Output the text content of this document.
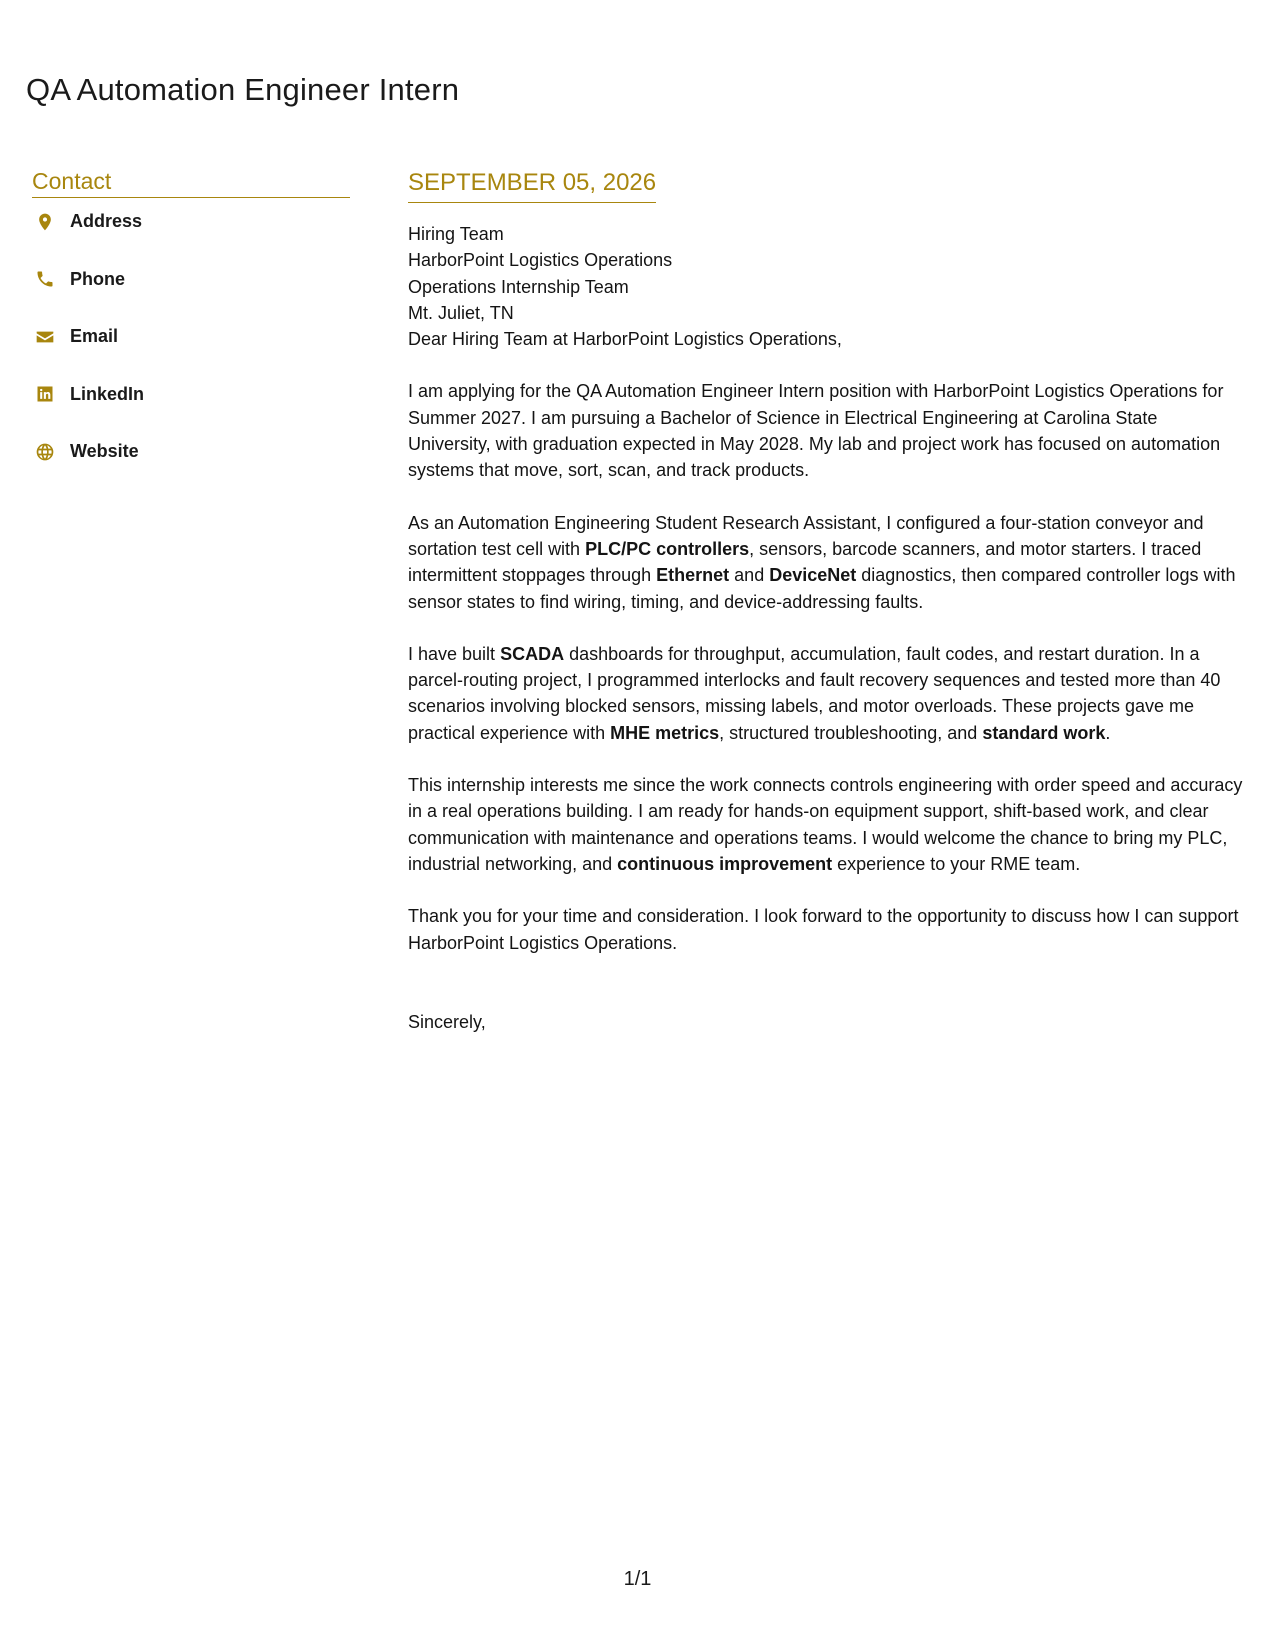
QA Automation Engineer Intern
Contact
Address
Phone
Email
LinkedIn
Website
SEPTEMBER 05, 2026
Hiring Team
HarborPoint Logistics Operations
Operations Internship Team
Mt. Juliet, TN

Dear Hiring Team at HarborPoint Logistics Operations,

I am applying for the QA Automation Engineer Intern position with HarborPoint Logistics Operations for Summer 2027. I am pursuing a Bachelor of Science in Electrical Engineering at Carolina State University, with graduation expected in May 2028. My lab and project work has focused on automation systems that move, sort, scan, and track products.

As an Automation Engineering Student Research Assistant, I configured a four-station conveyor and sortation test cell with PLC/PC controllers, sensors, barcode scanners, and motor starters. I traced intermittent stoppages through Ethernet and DeviceNet diagnostics, then compared controller logs with sensor states to find wiring, timing, and device-addressing faults.

I have built SCADA dashboards for throughput, accumulation, fault codes, and restart duration. In a parcel-routing project, I programmed interlocks and fault recovery sequences and tested more than 40 scenarios involving blocked sensors, missing labels, and motor overloads. These projects gave me practical experience with MHE metrics, structured troubleshooting, and standard work.

This internship interests me since the work connects controls engineering with order speed and accuracy in a real operations building. I am ready for hands-on equipment support, shift-based work, and clear communication with maintenance and operations teams. I would welcome the chance to bring my PLC, industrial networking, and continuous improvement experience to your RME team.

Thank you for your time and consideration. I look forward to the opportunity to discuss how I can support HarborPoint Logistics Operations.

Sincerely,

1/1
